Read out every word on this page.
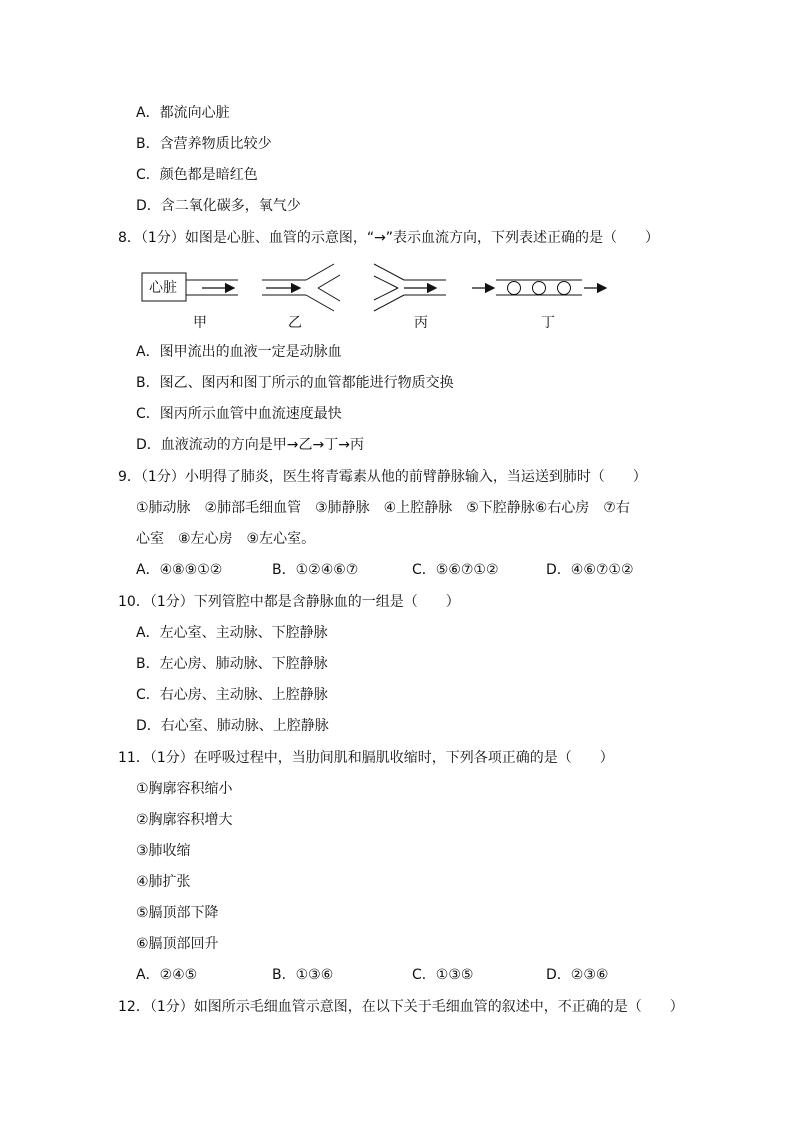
A．都流向心脏
B．含营养物质比较少
C．颜色都是暗红色
D．含二氧化碳多，氧气少
8．（1分）如图是心脏、血管的示意图，“→”表示血流方向，下列表述正确的是（　　）
心脏
甲	乙	丙	丁
A．图甲流出的血液一定是动脉血
B．图乙、图丙和图丁所示的血管都能进行物质交换
C．图丙所示血管中血流速度最快
D．血液流动的方向是甲→乙→丁→丙
9．（1分）小明得了肺炎，医生将青霉素从他的前臂静脉输入，当运送到肺时（　　）
①肺动脉　②肺部毛细血管　③肺静脉　④上腔静脉　⑤下腔静脉⑥右心房　⑦右
心室　⑧左心房　⑨左心室。
A．④⑧⑨①②	B．①②④⑥⑦	C．⑤⑥⑦①②	D．④⑥⑦①②
10．（1分）下列管腔中都是含静脉血的一组是（　　）
A．左心室、主动脉、下腔静脉
B．左心房、肺动脉、下腔静脉
C．右心房、主动脉、上腔静脉
D．右心室、肺动脉、上腔静脉
11．（1分）在呼吸过程中，当肋间肌和膈肌收缩时，下列各项正确的是（　　）
①胸廓容积缩小
②胸廓容积增大
③肺收缩
④肺扩张
⑤膈顶部下降
⑥膈顶部回升
A．②④⑤	B．①③⑥	C．①③⑤	D．②③⑥
12．（1分）如图所示毛细血管示意图，在以下关于毛细血管的叙述中，不正确的是（　　）
